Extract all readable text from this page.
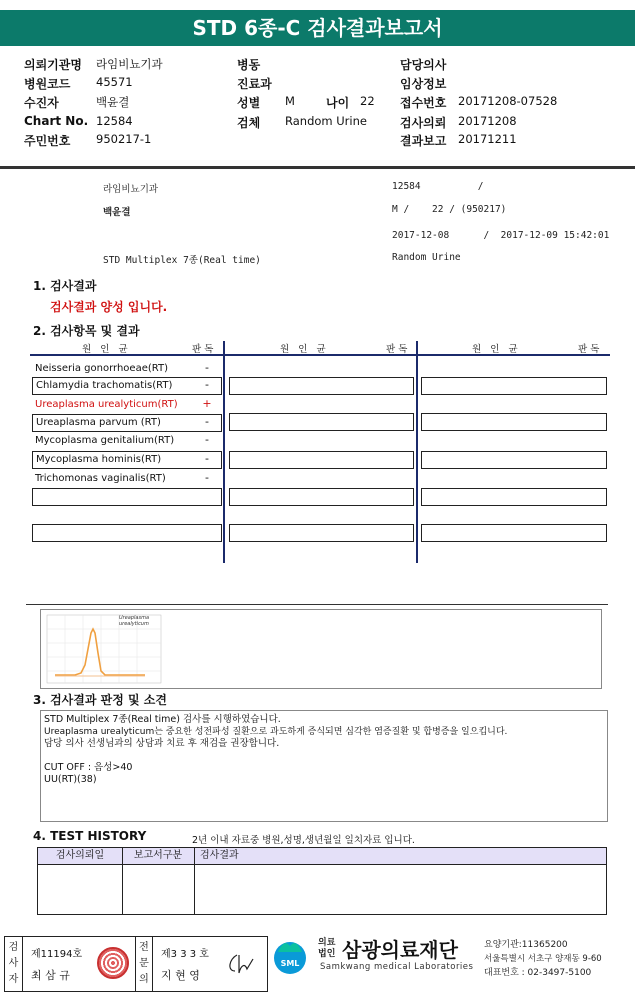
STD 6종-C 검사결과보고서
의뢰기관명 라임비뇨기과
병원코드 45571
수진자	백윤결
Chart No. 12584
주민번호 950217-1
병동
진료과
성별 M	나이 22
검체 Random Urine
담당의사
임상정보
접수번호 20171208-07528
검사의뢰 20171208
결과보고 20171211
라임비뇨기과	12584          /
백윤결	M /    22 / (950217)
2017-12-08      /  2017-12-09 15:42:01
STD Multiplex 7종(Real time)	Random Urine
1. 검사결과
검사결과 양성 입니다.
2. 검사항목 및 결과
원   인   균	판 독	원   인   균	판 독	원   인   균	판 독
Neisseria gonorrhoeae(RT)	-
Chlamydia trachomatis(RT)	-
Ureaplasma urealyticum(RT) +
Ureaplasma parvum (RT)	-
Mycoplasma genitalium(RT)	-
Mycoplasma hominis(RT)	-
Trichomonas vaginalis(RT)	-
Ureaplasma
urealyticum
3. 검사결과 판정 및 소견
STD Multiplex 7종(Real time) 검사를 시행하였습니다.
Ureaplasma urealyticum는 중요한 성전파성 질환으로 과도하게 증식되면 심각한 염증질환 및 합병증을 일으킵니다.
담당 의사 선생님과의 상담과 치료 후 재검을 권장합니다.
CUT OFF : 음성>40
UU(RT)(38)
4. TEST HISTORY	2년 이내 자료중 병원,성명,생년월일 일치자료 입니다.
검사의뢰일	보고서구분	검사결과
검사자
제11194호
최 삼 규
전문의
제3 3 3 호
지 현 영
SML
의료
법인 삼광의료재단
Samkwang medical Laboratories
요양기관:11365200
서울특별시 서초구 양재동 9-60
대표번호 : 02-3497-5100
